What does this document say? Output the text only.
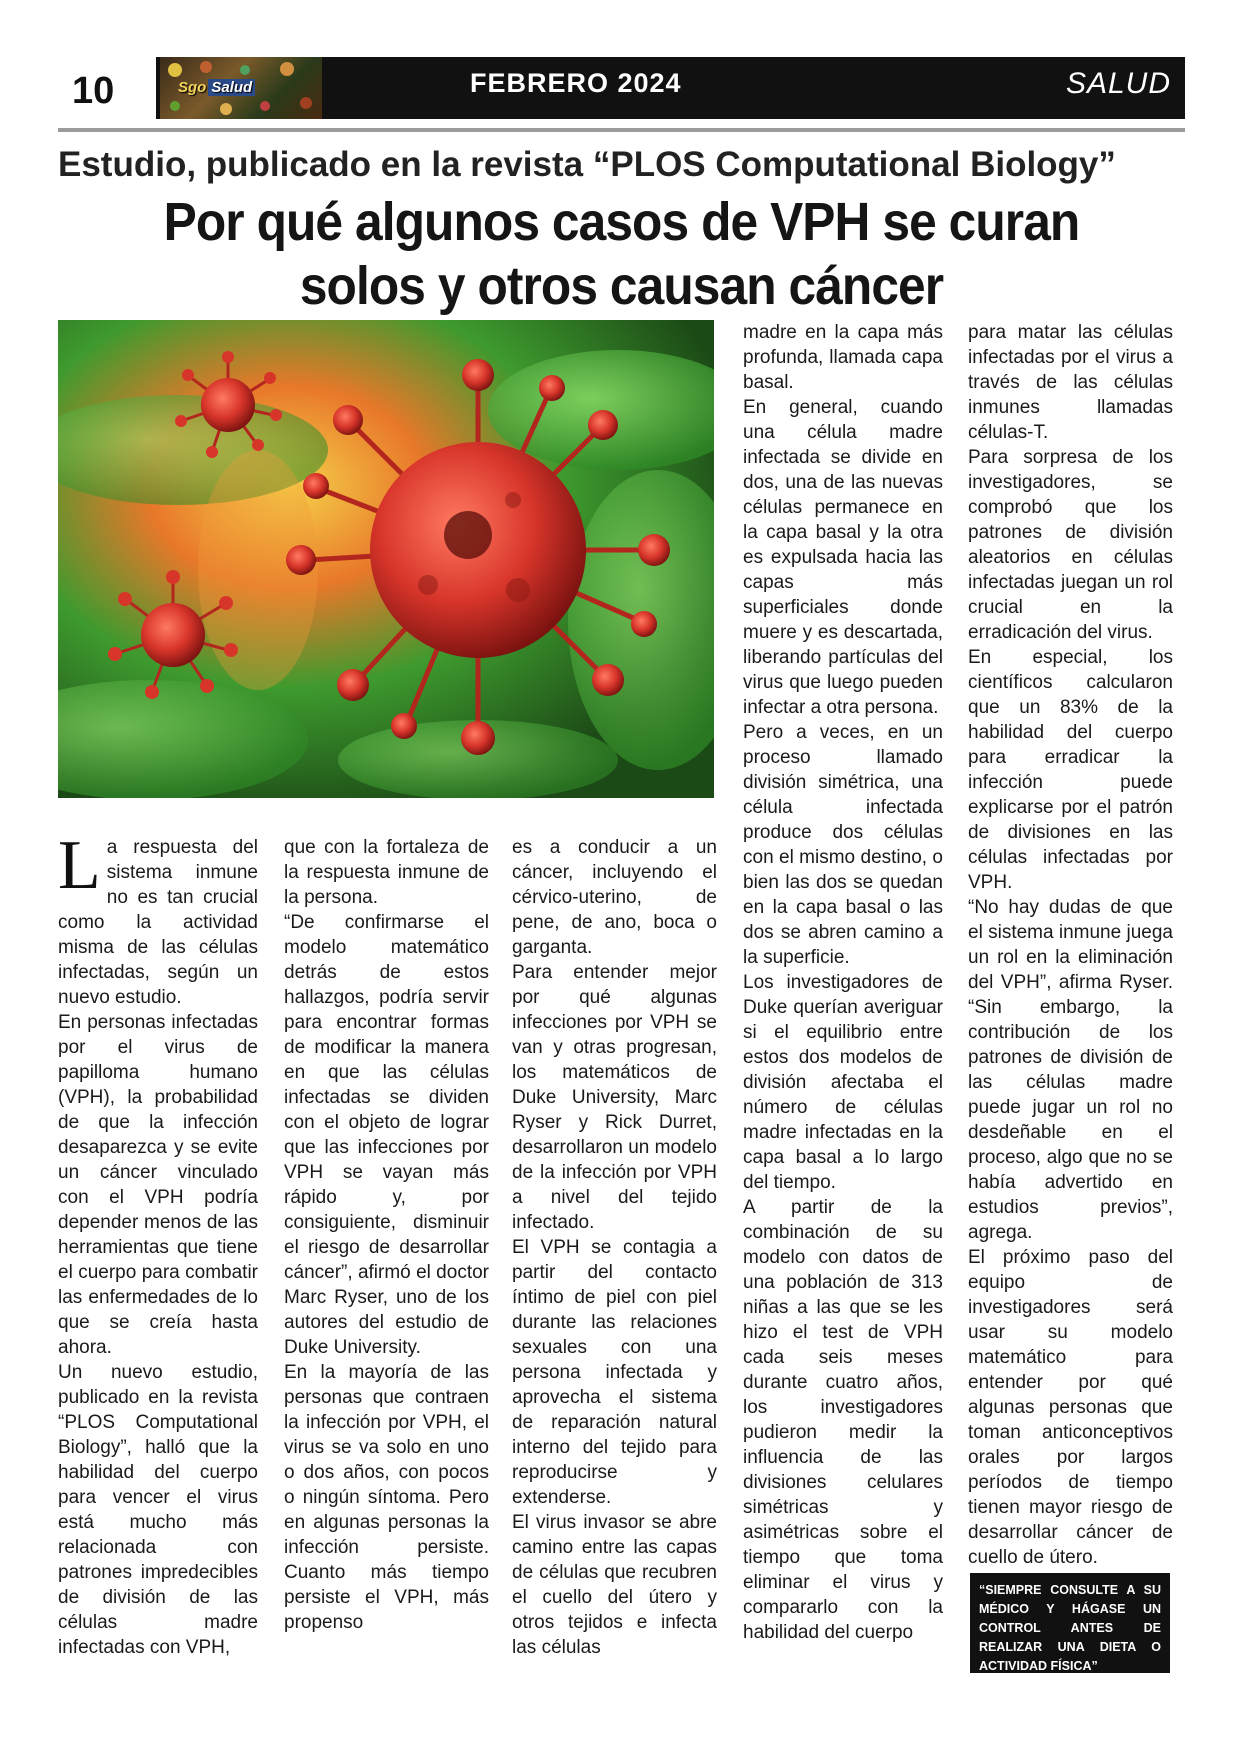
10	Sgo Salud	FEBRERO 2024	SALUD
Estudio, publicado en la revista “PLOS Computational Biology”
Por qué algunos casos de VPH se curan
solos y otros causan cáncer

La respuesta del sistema inmune no es tan crucial como la actividad misma de las células infectadas, según un nuevo estudio.

En personas infectadas por el virus de papilloma humano (VPH), la probabilidad de que la infección desaparezca y se evite un cáncer vinculado con el VPH podría depender menos de las herramientas que tiene el cuerpo para combatir las enfermedades de lo que se creía hasta ahora.

Un nuevo estudio, publicado en la revista “PLOS Computational Biology”, halló que la habilidad del cuerpo para vencer el virus está mucho más relacionada con patrones impredecibles de división de las células madre infectadas con VPH,

que con la fortaleza de la respuesta inmune de la persona.

“De confirmarse el modelo matemático detrás de estos hallazgos, podría servir para encontrar formas de modificar la manera en que las células infectadas se dividen con el objeto de lograr que las infecciones por VPH se vayan más rápido y, por consiguiente, disminuir el riesgo de desarrollar cáncer”, afirmó el doctor Marc Ryser, uno de los autores del estudio de Duke University.

En la mayoría de las personas que contraen la infección por VPH, el virus se va solo en uno o dos años, con pocos o ningún síntoma. Pero en algunas personas la infección persiste. Cuanto más tiempo persiste el VPH, más propenso

es a conducir a un cáncer, incluyendo el cérvico-uterino, de pene, de ano, boca o garganta.

Para entender mejor por qué algunas infecciones por VPH se van y otras progresan, los matemáticos de Duke University, Marc Ryser y Rick Durret, desarrollaron un modelo de la infección por VPH a nivel del tejido infectado.

El VPH se contagia a partir del contacto íntimo de piel con piel durante las relaciones sexuales con una persona infectada y aprovecha el sistema de reparación natural interno del tejido para reproducirse y extenderse.

El virus invasor se abre camino entre las capas de células que recubren el cuello del útero y otros tejidos e infecta las células

madre en la capa más profunda, llamada capa basal.

En general, cuando una célula madre infectada se divide en dos, una de las nuevas células permanece en la capa basal y la otra es expulsada hacia las capas más superficiales donde muere y es descartada, liberando partículas del virus que luego pueden infectar a otra persona.

Pero a veces, en un proceso llamado división simétrica, una célula infectada produce dos células con el mismo destino, o bien las dos se quedan en la capa basal o las dos se abren camino a la superficie.

Los investigadores de Duke querían averiguar si el equilibrio entre estos dos modelos de división afectaba el número de células madre infectadas en la capa basal a lo largo del tiempo.

A partir de la combinación de su modelo con datos de una población de 313 niñas a las que se les hizo el test de VPH cada seis meses durante cuatro años, los investigadores pudieron medir la influencia de las divisiones celulares simétricas y asimétricas sobre el tiempo que toma eliminar el virus y compararlo con la habilidad del cuerpo

para matar las células infectadas por el virus a través de las células inmunes llamadas células-T.

Para sorpresa de los investigadores, se comprobó que los patrones de división aleatorios en células infectadas juegan un rol crucial en la erradicación del virus.

En especial, los científicos calcularon que un 83% de la habilidad del cuerpo para erradicar la infección puede explicarse por el patrón de divisiones en las células infectadas por VPH.

“No hay dudas de que el sistema inmune juega un rol en la eliminación del VPH”, afirma Ryser. “Sin embargo, la contribución de los patrones de división de las células madre puede jugar un rol no desdeñable en el proceso, algo que no se había advertido en estudios previos”, agrega.

El próximo paso del equipo de investigadores será usar su modelo matemático para entender por qué algunas personas que toman anticonceptivos orales por largos períodos de tiempo tienen mayor riesgo de desarrollar cáncer de cuello de útero.

“SIEMPRE CONSULTE A SU MÉDICO Y HÁGASE UN CONTROL ANTES DE REALIZAR UNA DIETA O ACTIVIDAD FÍSICA”
